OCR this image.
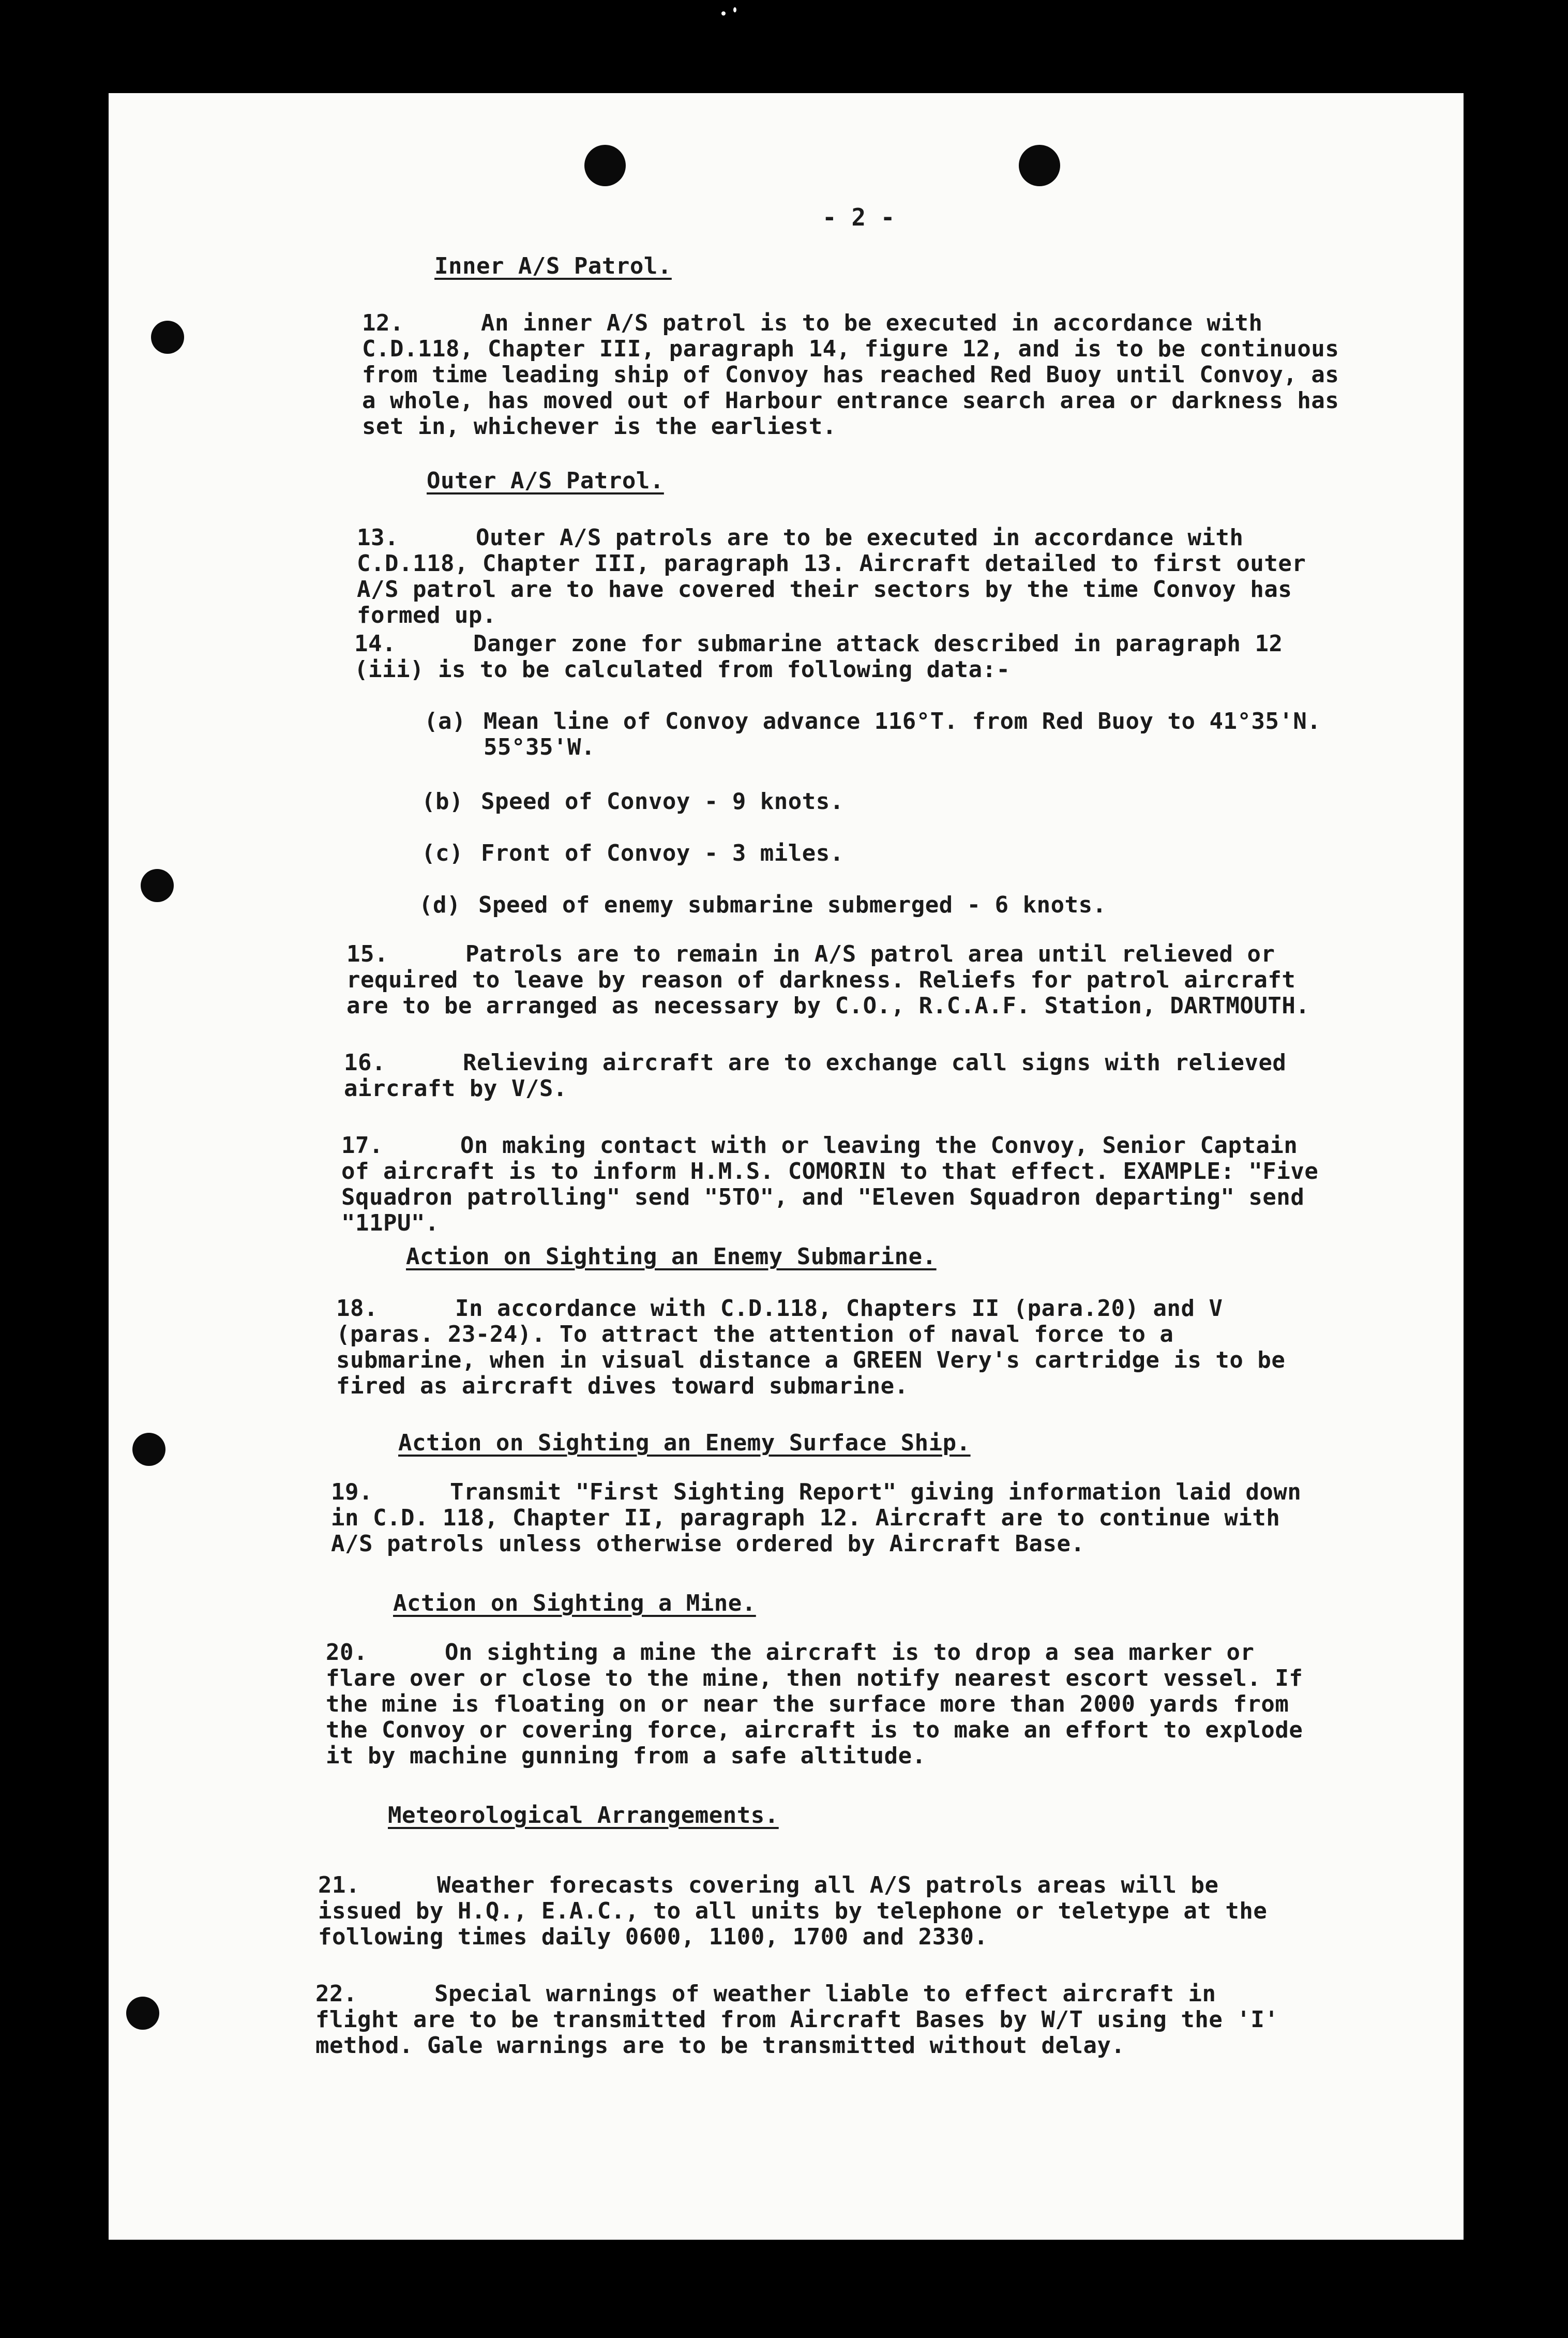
- 2 -
Inner A/S Patrol.
12.	An inner A/S patrol is to be executed in accordance with C.D.118, Chapter III, paragraph 14, figure 12, and is to be continuous from time leading ship of Convoy has reached Red Buoy until Convoy, as a whole, has moved out of Harbour entrance search area or darkness has set in, whichever is the earliest.
Outer A/S Patrol.
13.	Outer A/S patrols are to be executed in accordance with C.D.118, Chapter III, paragraph 13. Aircraft detailed to first outer A/S patrol are to have covered their sectors by the time Convoy has formed up.
14.	Danger zone for submarine attack described in paragraph 12 (iii) is to be calculated from following data:-
(a) Mean line of Convoy advance 116°T. from Red Buoy to 41°35'N.
55°35'W.
(b) Speed of Convoy - 9 knots.
(c) Front of Convoy - 3 miles.
(d) Speed of enemy submarine submerged - 6 knots.
15.	Patrols are to remain in A/S patrol area until relieved or required to leave by reason of darkness. Reliefs for patrol aircraft are to be arranged as necessary by C.O., R.C.A.F. Station, DARTMOUTH.
16.	Relieving aircraft are to exchange call signs with relieved aircraft by V/S.
17.	On making contact with or leaving the Convoy, Senior Captain of aircraft is to inform H.M.S. COMORIN to that effect. EXAMPLE: "Five Squadron patrolling" send "5TO", and "Eleven Squadron departing" send "11PU".
Action on Sighting an Enemy Submarine.
18.	In accordance with C.D.118, Chapters II (para.20) and V (paras. 23-24). To attract the attention of naval force to a submarine, when in visual distance a GREEN Very's cartridge is to be fired as aircraft dives toward submarine.
Action on Sighting an Enemy Surface Ship.
19.	Transmit "First Sighting Report" giving information laid down in C.D. 118, Chapter II, paragraph 12. Aircraft are to continue with A/S patrols unless otherwise ordered by Aircraft Base.
Action on Sighting a Mine.
20.	On sighting a mine the aircraft is to drop a sea marker or flare over or close to the mine, then notify nearest escort vessel. If the mine is floating on or near the surface more than 2000 yards from the Convoy or covering force, aircraft is to make an effort to explode it by machine gunning from a safe altitude.
Meteorological Arrangements.
21.	Weather forecasts covering all A/S patrols areas will be issued by H.Q., E.A.C., to all units by telephone or teletype at the following times daily 0600, 1100, 1700 and 2330.
22.	Special warnings of weather liable to effect aircraft in flight are to be transmitted from Aircraft Bases by W/T using the 'I' method. Gale warnings are to be transmitted without delay.
